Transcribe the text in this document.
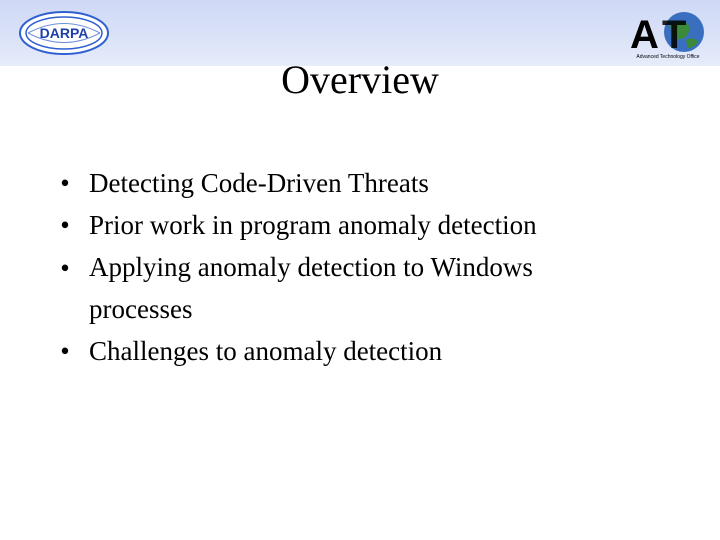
DARPA	A T
Advanced Technology Office
Overview
• Detecting Code-Driven Threats
• Prior work in program anomaly detection
• Applying anomaly detection to Windows processes
• Challenges to anomaly detection
